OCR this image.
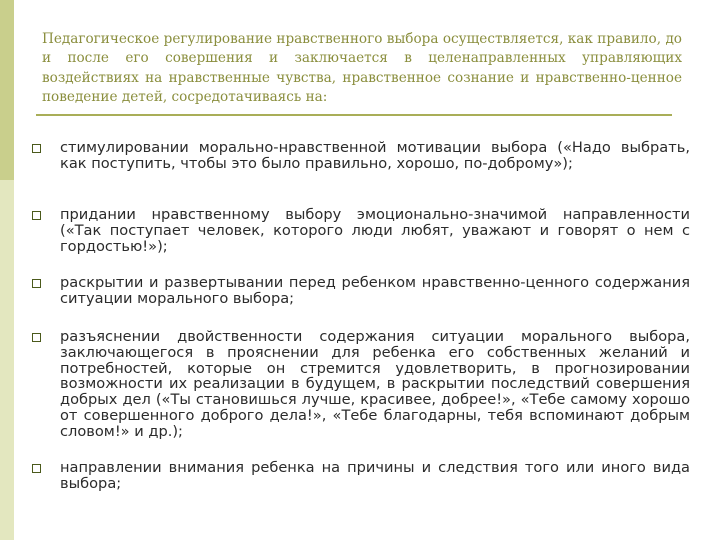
Педагогическое регулирование нравственного выбора осуществляется, как правило, до и после его совершения и заключается в целенаправленных управляющих воздействиях на нравственные чувства, нравственное сознание и нравственно-ценное поведение детей, сосредотачиваясь на:
стимулировании морально-нравственной мотивации выбора («Надо выбрать, как поступить, чтобы это было правильно, хорошо, по-доброму»);
придании нравственному выбору эмоционально-значимой направленности («Так поступает человек, которого люди любят, уважают и говорят о нем с гордостью!»);
раскрытии и развертывании перед ребенком нравственно-ценного содержания ситуации морального выбора;
разъяснении двойственности содержания ситуации морального выбора, заключающегося в прояснении для ребенка его собственных желаний и потребностей, которые он стремится удовлетворить, в прогнозировании возможности их реализации в будущем, в раскрытии последствий совершения добрых дел («Ты становишься лучше, красивее, добрее!», «Тебе самому хорошо от совершенного доброго дела!», «Тебе благодарны, тебя вспоминают добрым словом!» и др.);
направлении внимания ребенка на причины и следствия того или иного вида выбора;
